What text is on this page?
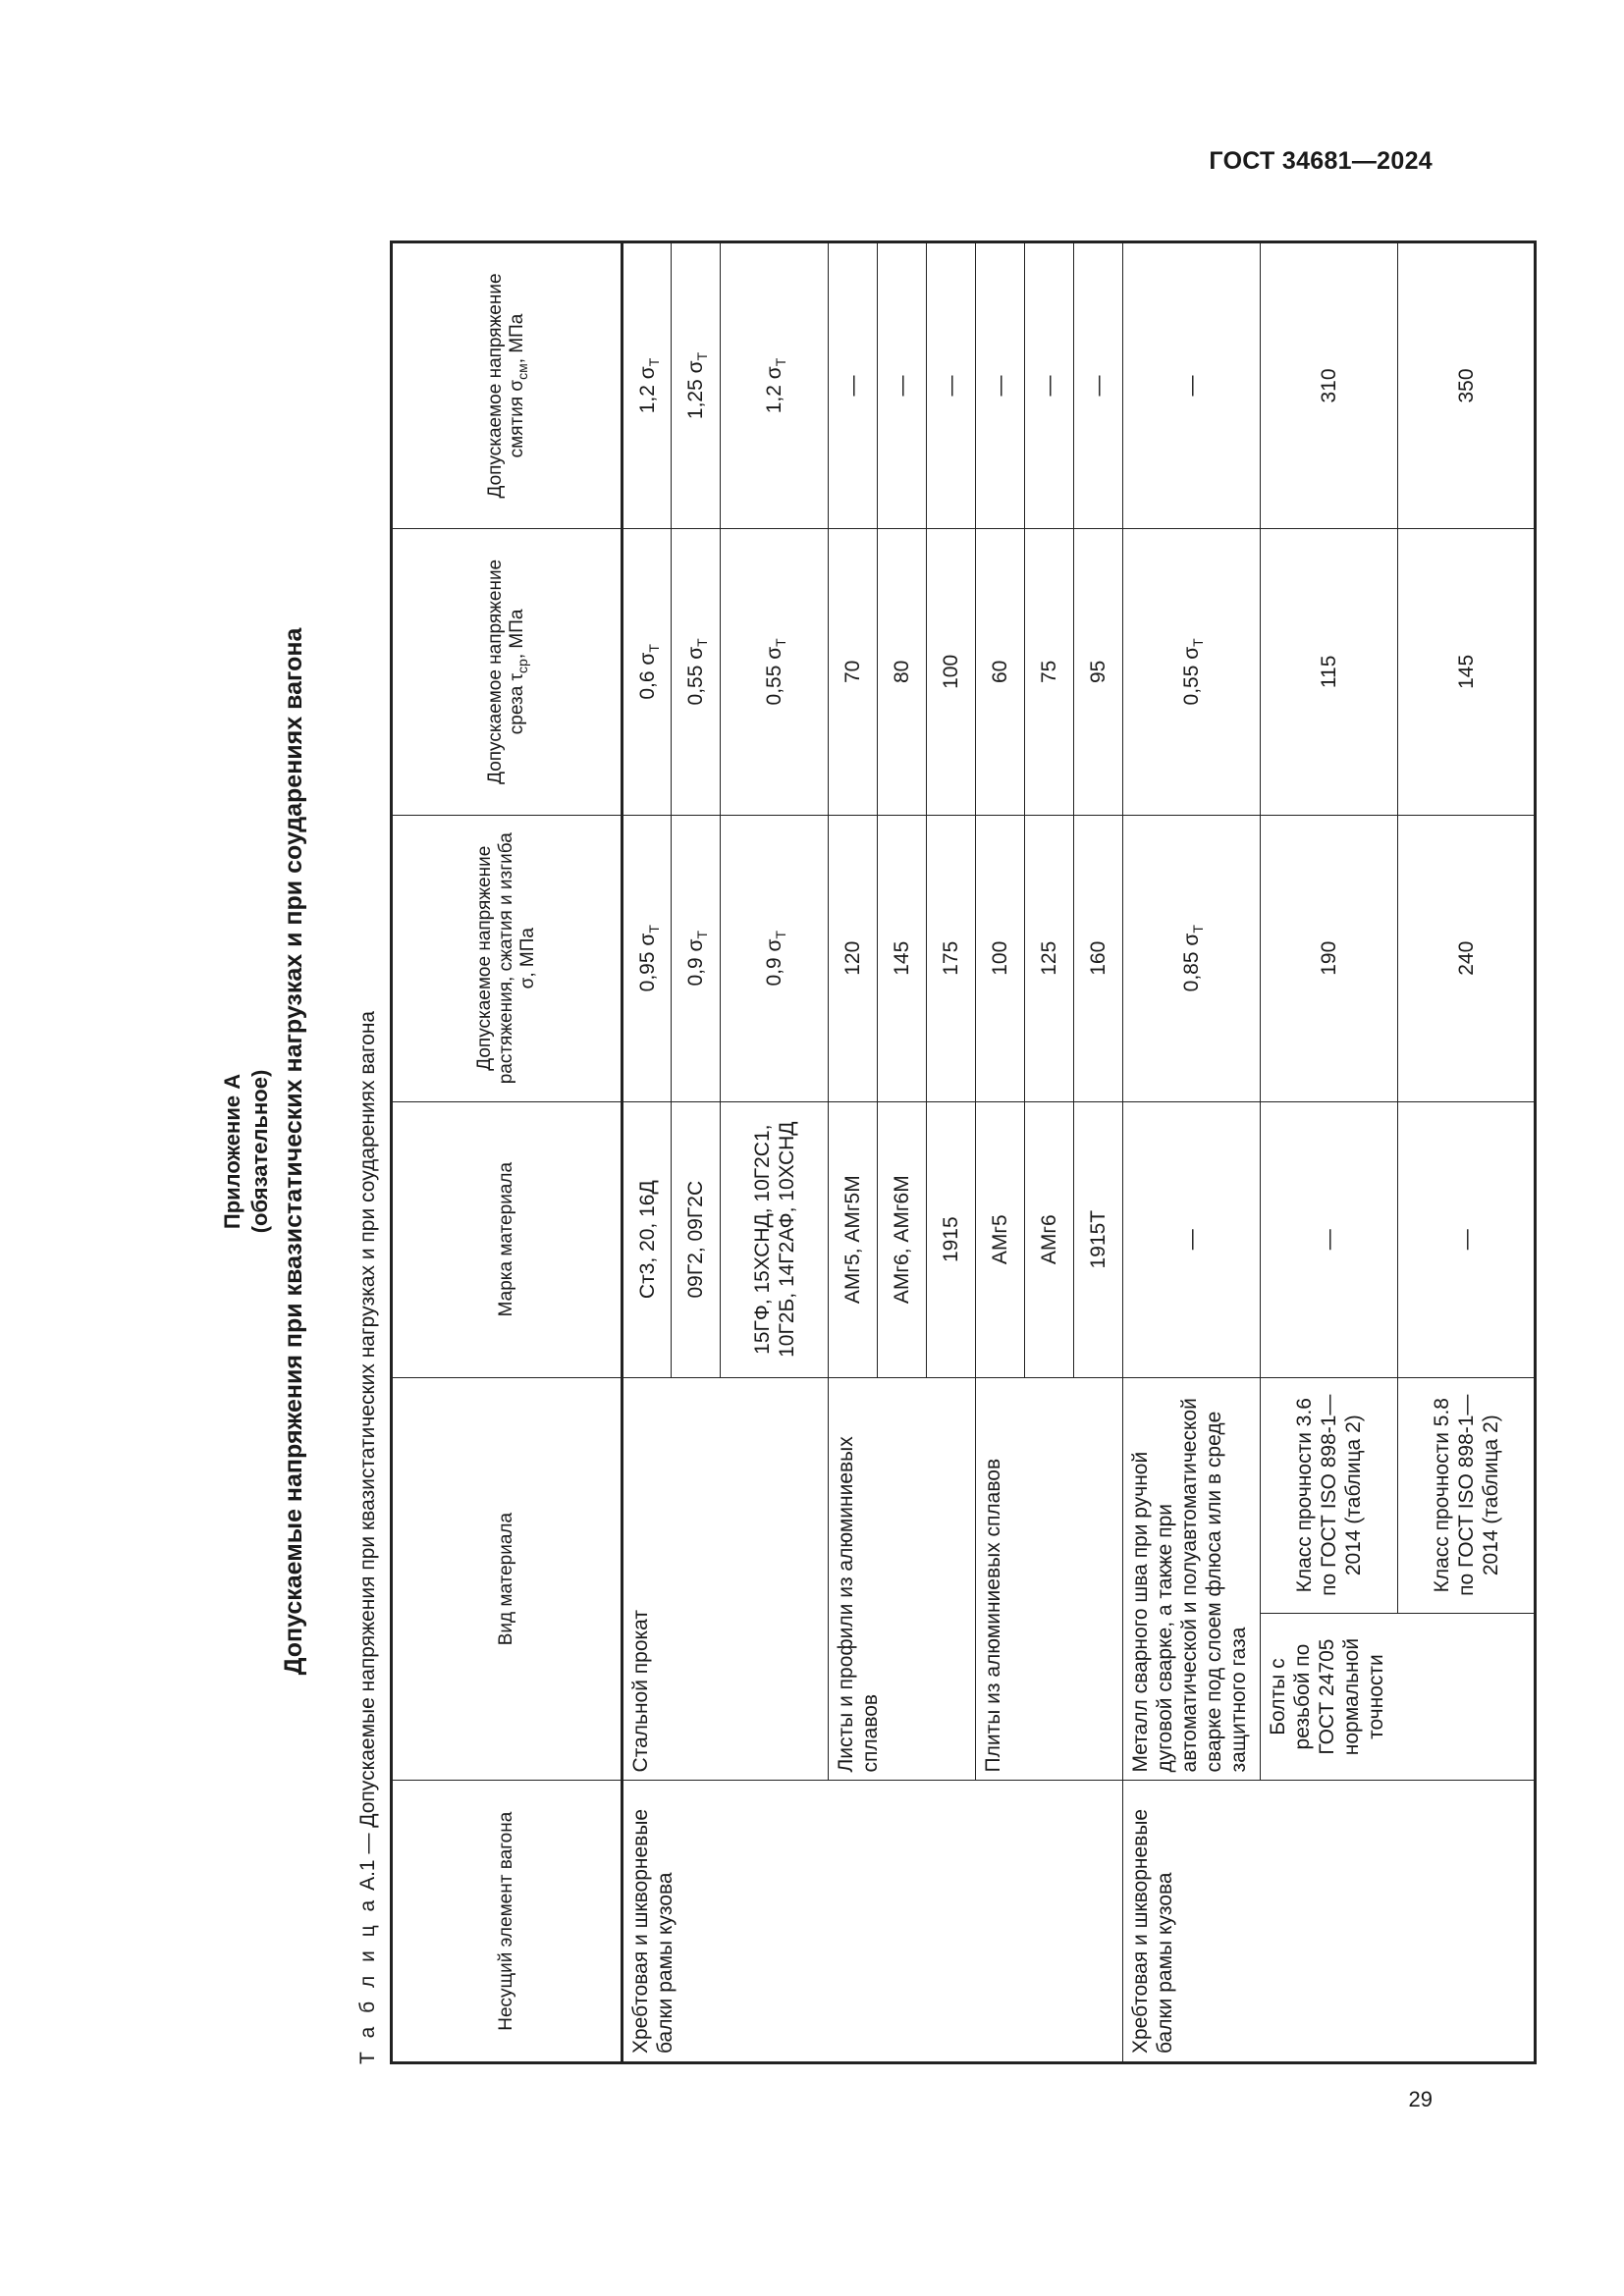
ГОСТ 34681—2024
29
Приложение А (обязательное) Допускаемые напряжения при квазистатических нагрузках и при соударениях вагона
Т а б л и ц а А.1 — Допускаемые напряжения при квазистатических нагрузках и при соударениях вагона
Несущий элемент вагона	Вид материала		Марка материала	Допускаемое напряжение растяжения, сжатия и изгиба σ, МПа	Допускаемое напряжение среза $\tau_{ср}$, МПа	Допускаемое напряжение смятия $\sigma_{см}$, МПа
Хребтовая и шкворневые балки рамы кузова	Стальной прокат		Ст3, 20, 16Д	0,95 $\sigma_Т$	0,6 $\sigma_Т$	1,2 $\sigma_Т$
			09Г2, 09Г2С	0,9 $\sigma_Т$	0,55 $\sigma_Т$	1,25 $\sigma_Т$
			15ГФ, 15ХСНД, 10Г2С1, 10Г2Б, 14Г2АФ, 10ХСНД	0,9 $\sigma_Т$	0,55 $\sigma_Т$	1,2 $\sigma_Т$
	Листы и профили из алюминиевых сплавов		АМг5, АМг5М	120	70	—
			АМг6, АМг6М	145	80	—
			1915	175	100	—
	Плиты из алюминиевых сплавов		АМг5	100	60	—
			АМг6	125	75	—
			1915Т	160	95	—
Хребтовая и шкворневые балки рамы кузова	Металл сварного шва при ручной дуговой сварке, а также при автоматической и полуавтоматической сварке под слоем флюса или в среде защитного газа		—	0,85 $\sigma_Т$	0,55 $\sigma_Т$	—
	Болты с резьбой по ГОСТ 24705 нормальной точности	Класс прочности 3.6 по ГОСТ ISO 898-1—2014 (таблица 2)	—	190	115	310
		Класс прочности 5.8 по ГОСТ ISO 898-1—2014 (таблица 2)	—	240	145	350
